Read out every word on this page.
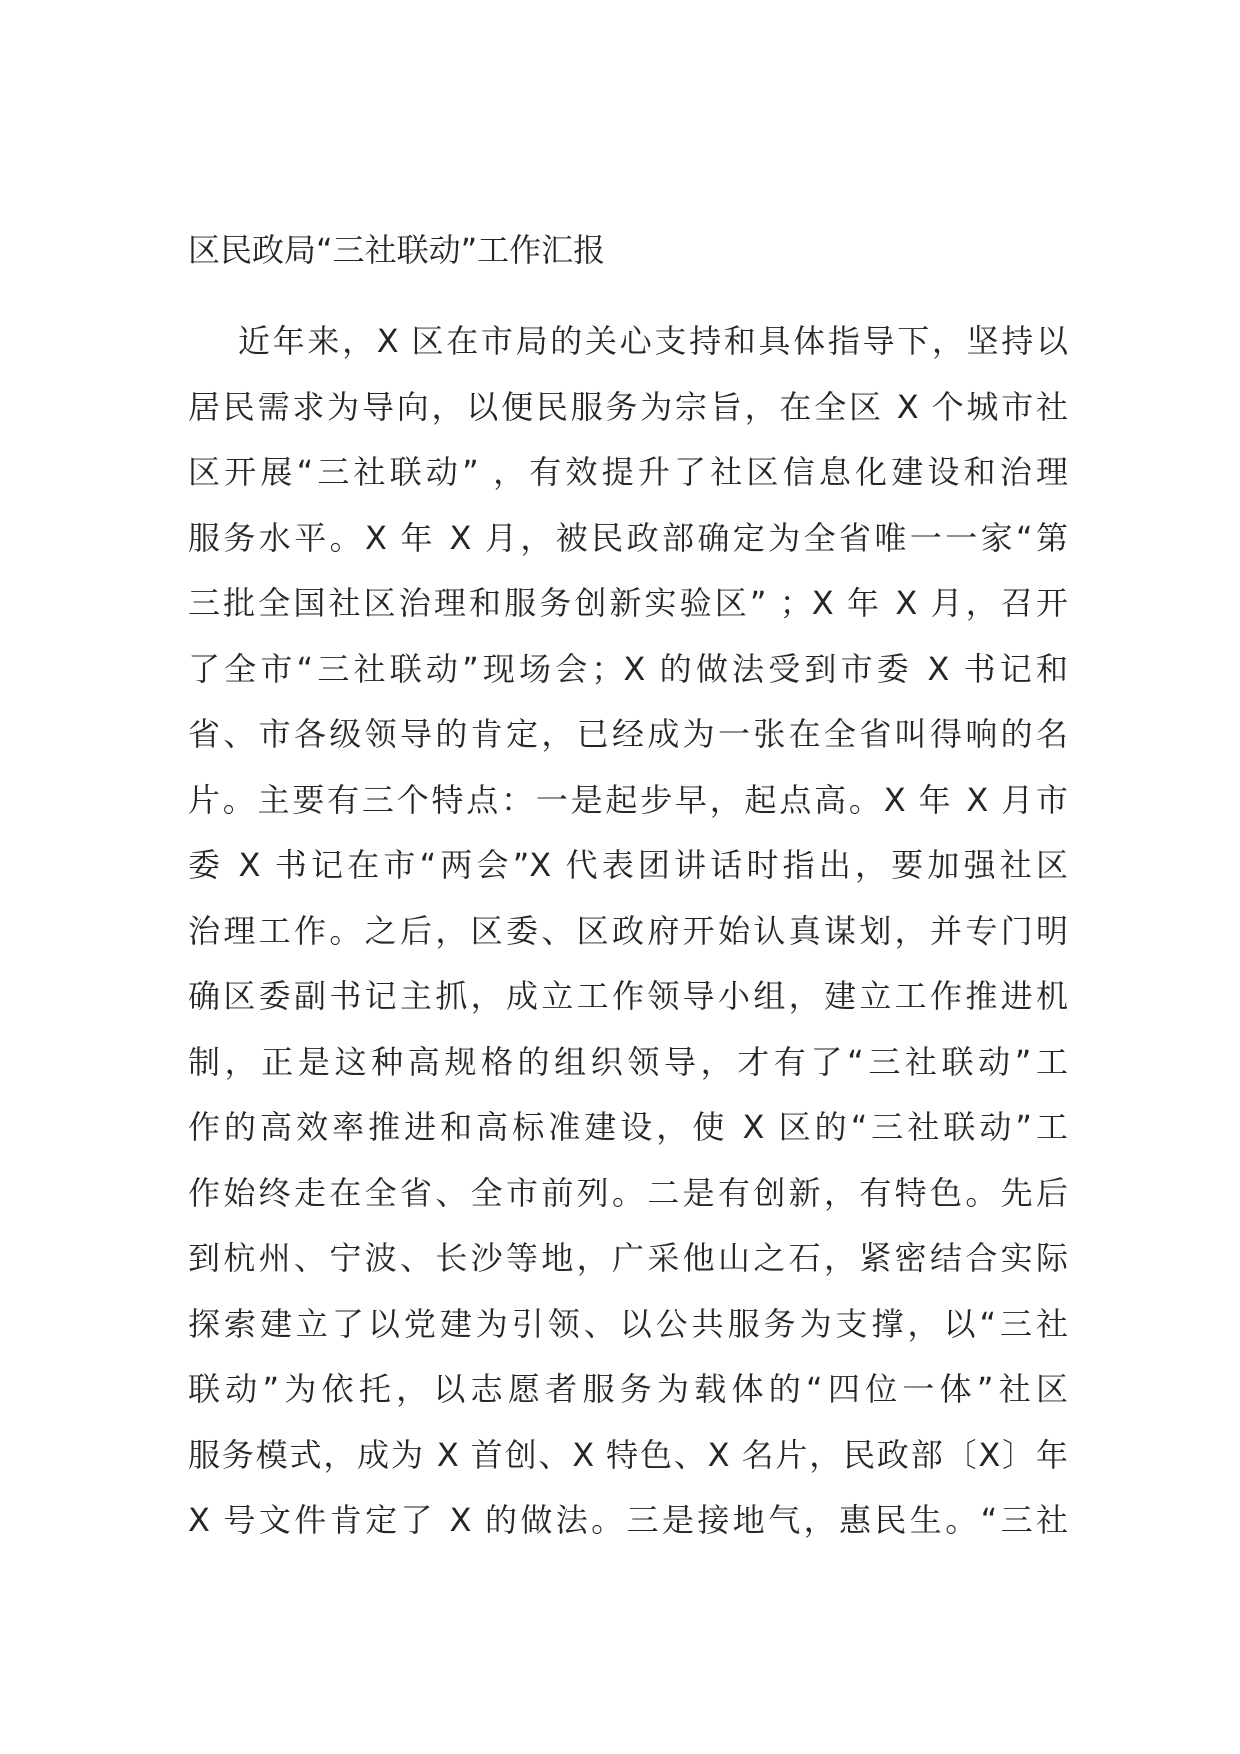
区民政局“三社联动”工作汇报
近年来，X 区在市局的关心支持和具体指导下，坚持以
居民需求为导向，以便民服务为宗旨，在全区 X 个城市社
区开展“三社联动” ，有效提升了社区信息化建设和治理
服务水平。X 年 X 月，被民政部确定为全省唯一一家“第
三批全国社区治理和服务创新实验区” ；X 年 X 月，召开
了全市“三社联动”现场会；X 的做法受到市委 X 书记和
省、市各级领导的肯定，已经成为一张在全省叫得响的名
片。主要有三个特点：一是起步早，起点高。X 年 X 月市
委 X 书记在市“两会”X 代表团讲话时指出，要加强社区
治理工作。之后，区委、区政府开始认真谋划，并专门明
确区委副书记主抓，成立工作领导小组，建立工作推进机
制，正是这种高规格的组织领导，才有了“三社联动”工
作的高效率推进和高标准建设，使 X 区的“三社联动”工
作始终走在全省、全市前列。二是有创新，有特色。先后
到杭州、宁波、长沙等地，广采他山之石，紧密结合实际
探索建立了以党建为引领、以公共服务为支撑，以“三社
联动”为依托，以志愿者服务为载体的“四位一体”社区
服务模式，成为 X 首创、X 特色、X 名片，民政部〔X〕年
X 号文件肯定了 X 的做法。三是接地气，惠民生。“三社
